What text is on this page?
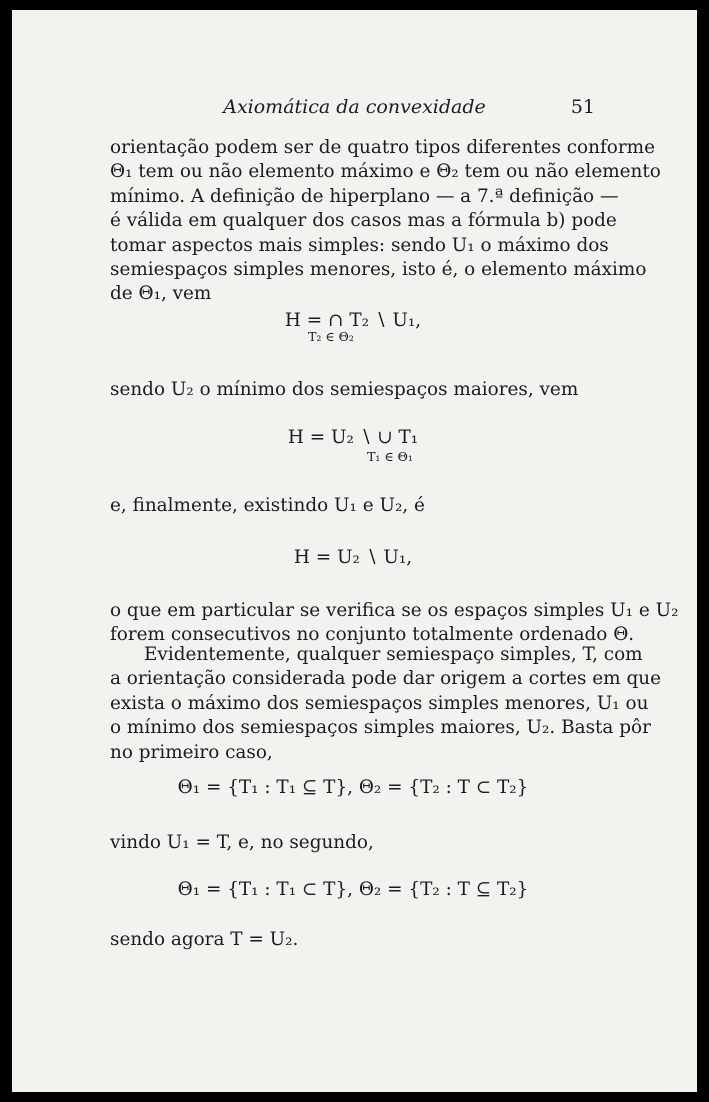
Axiomática da convexidade	51
orientação podem ser de quatro tipos diferentes conforme
Θ₁ tem ou não elemento máximo e Θ₂ tem ou não elemento
mínimo. A definição de hiperplano — a 7.ª definição —
é válida em qualquer dos casos mas a fórmula b) pode
tomar aspectos mais simples: sendo U₁ o máximo dos
semiespaços simples menores, isto é, o elemento máximo
de Θ₁, vem
H = ∩ T₂ ∖ U₁,
T₂ ∈ Θ₂
sendo U₂ o mínimo dos semiespaços maiores, vem
H = U₂ ∖ ∪ T₁
T₁ ∈ Θ₁
e, finalmente, existindo U₁ e U₂, é
H = U₂ ∖ U₁,
o que em particular se verifica se os espaços simples U₁ e U₂
forem consecutivos no conjunto totalmente ordenado Θ.
Evidentemente, qualquer semiespaço simples, T, com
a orientação considerada pode dar origem a cortes em que
exista o máximo dos semiespaços simples menores, U₁ ou
o mínimo dos semiespaços simples maiores, U₂. Basta pôr
no primeiro caso,
Θ₁ = {T₁ : T₁ ⊆ T}, Θ₂ = {T₂ : T ⊂ T₂}
vindo U₁ = T, e, no segundo,
Θ₁ = {T₁ : T₁ ⊂ T}, Θ₂ = {T₂ : T ⊆ T₂}
sendo agora T = U₂.
